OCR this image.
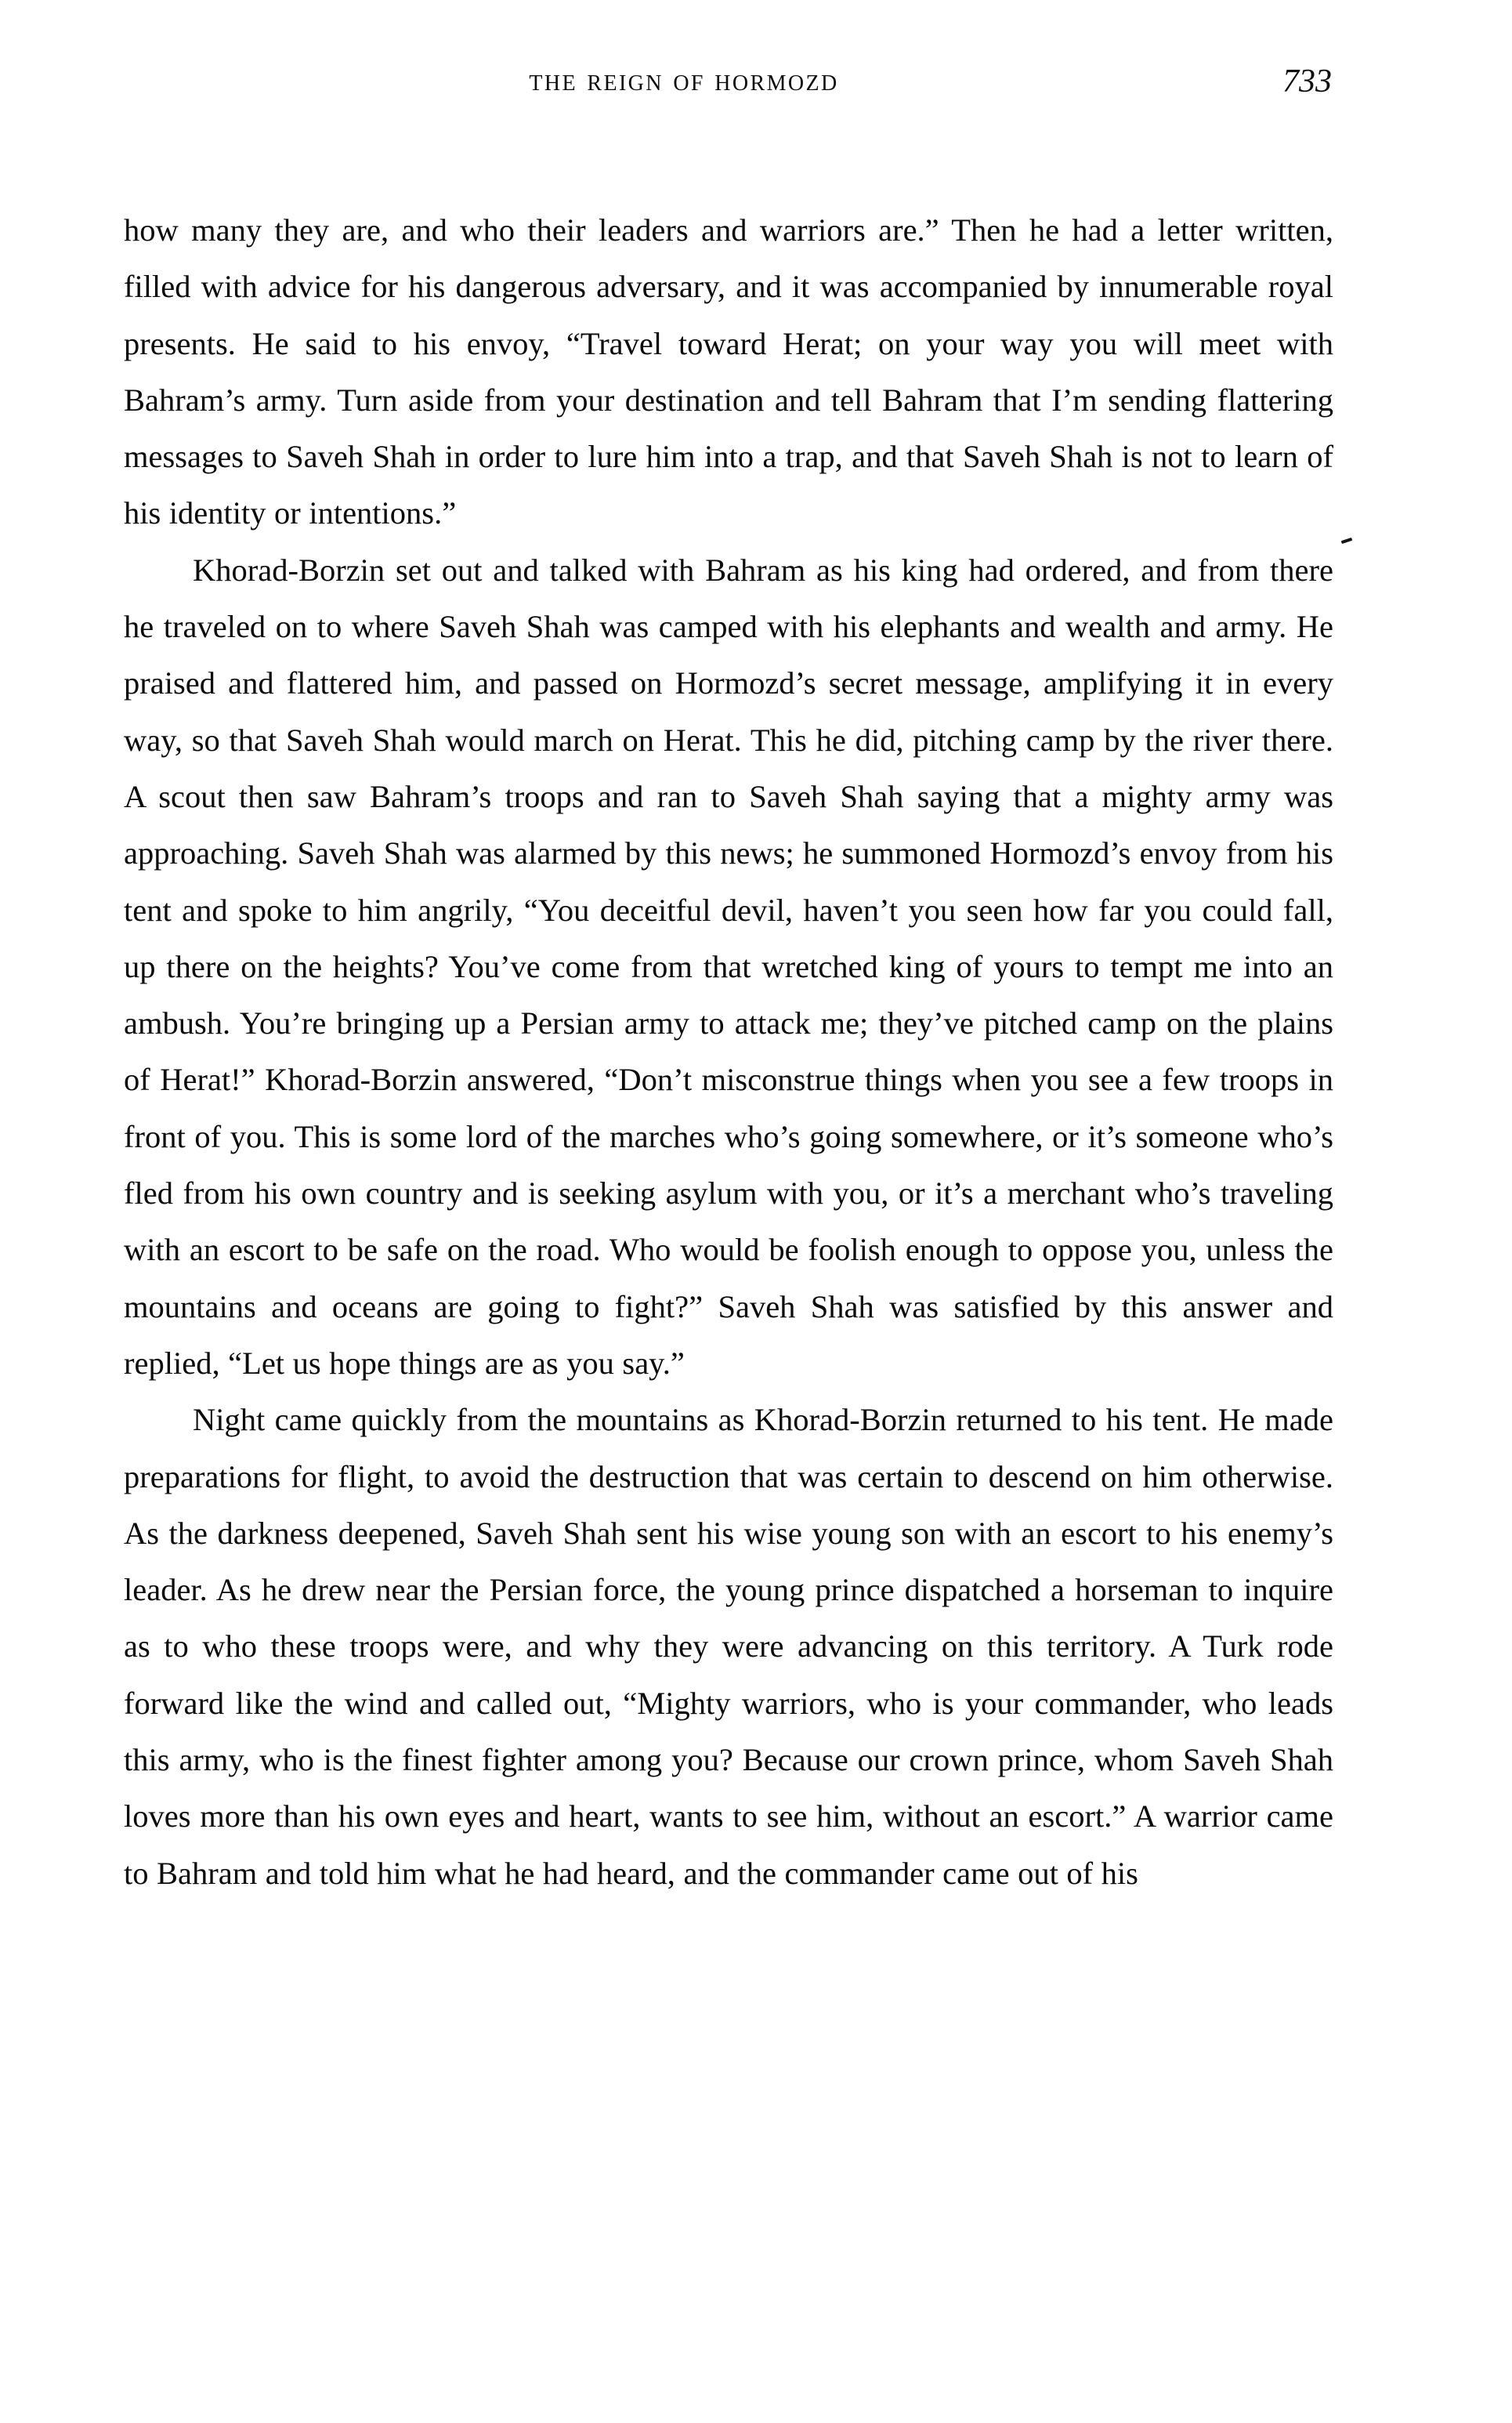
the reign of hormozd	733

how many they are, and who their leaders and warriors are.” Then he had a letter written, filled with advice for his dangerous adversary, and it was accompanied by innumerable royal presents. He said to his envoy, “Travel toward Herat; on your way you will meet with Bahram’s army. Turn aside from your destination and tell Bahram that I’m sending flattering messages to Saveh Shah in order to lure him into a trap, and that Saveh Shah is not to learn of his identity or intentions.”

Khorad-Borzin set out and talked with Bahram as his king had ordered, and from there he traveled on to where Saveh Shah was camped with his elephants and wealth and army. He praised and flattered him, and passed on Hormozd’s secret message, amplifying it in every way, so that Saveh Shah would march on Herat. This he did, pitching camp by the river there. A scout then saw Bahram’s troops and ran to Saveh Shah saying that a mighty army was approaching. Saveh Shah was alarmed by this news; he summoned Hormozd’s envoy from his tent and spoke to him angrily, “You deceitful devil, haven’t you seen how far you could fall, up there on the heights? You’ve come from that wretched king of yours to tempt me into an ambush. You’re bringing up a Persian army to attack me; they’ve pitched camp on the plains of Herat!” Khorad-Borzin answered, “Don’t misconstrue things when you see a few troops in front of you. This is some lord of the marches who’s going somewhere, or it’s someone who’s fled from his own country and is seeking asylum with you, or it’s a merchant who’s traveling with an escort to be safe on the road. Who would be foolish enough to oppose you, unless the mountains and oceans are going to fight?” Saveh Shah was satisfied by this answer and replied, “Let us hope things are as you say.”

Night came quickly from the mountains as Khorad-Borzin returned to his tent. He made preparations for flight, to avoid the destruction that was certain to descend on him otherwise. As the darkness deepened, Saveh Shah sent his wise young son with an escort to his enemy’s leader. As he drew near the Persian force, the young prince dispatched a horseman to inquire as to who these troops were, and why they were advancing on this territory. A Turk rode forward like the wind and called out, “Mighty warriors, who is your commander, who leads this army, who is the finest fighter among you? Because our crown prince, whom Saveh Shah loves more than his own eyes and heart, wants to see him, without an escort.” A warrior came to Bahram and told him what he had heard, and the commander came out of his
